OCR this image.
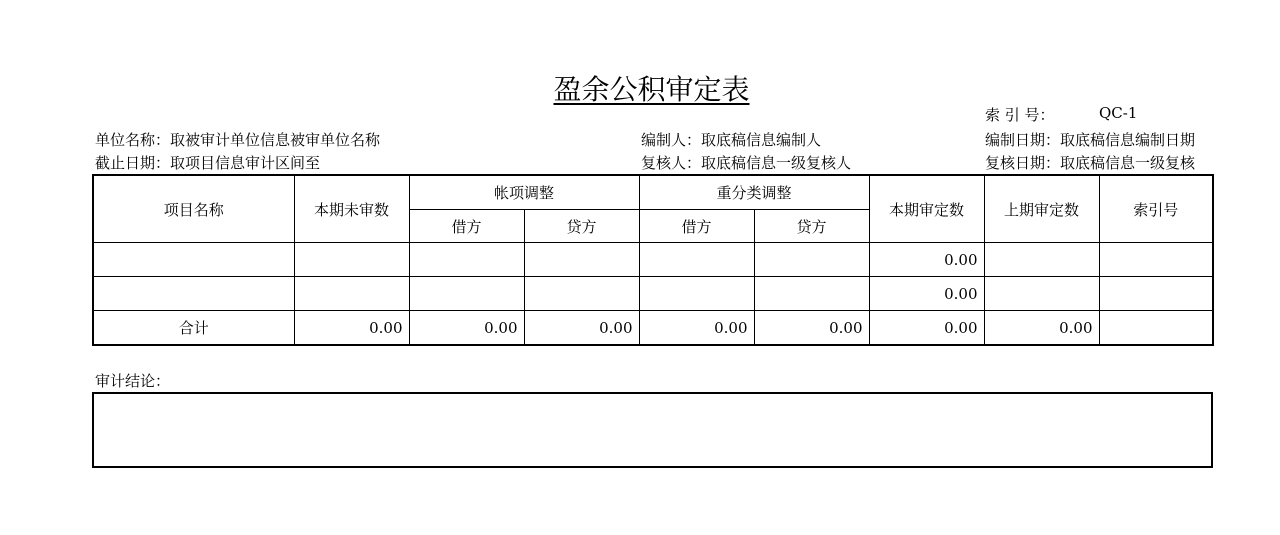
盈余公积审定表
索 引 号：	QC-1
单位名称：取被审计单位信息被审单位名称	编制人：取底稿信息编制人	编制日期：取底稿信息编制日期
截止日期：取项目信息审计区间至	复核人：取底稿信息一级复核人	复核日期：取底稿信息一级复核
项目名称	本期未审数	帐项调整		重分类调整		本期审定数	上期审定数	索引号
		借方	贷方	借方	贷方			
						0.00		
						0.00		
合计	0.00	0.00	0.00	0.00	0.00	0.00	0.00	
审计结论：
